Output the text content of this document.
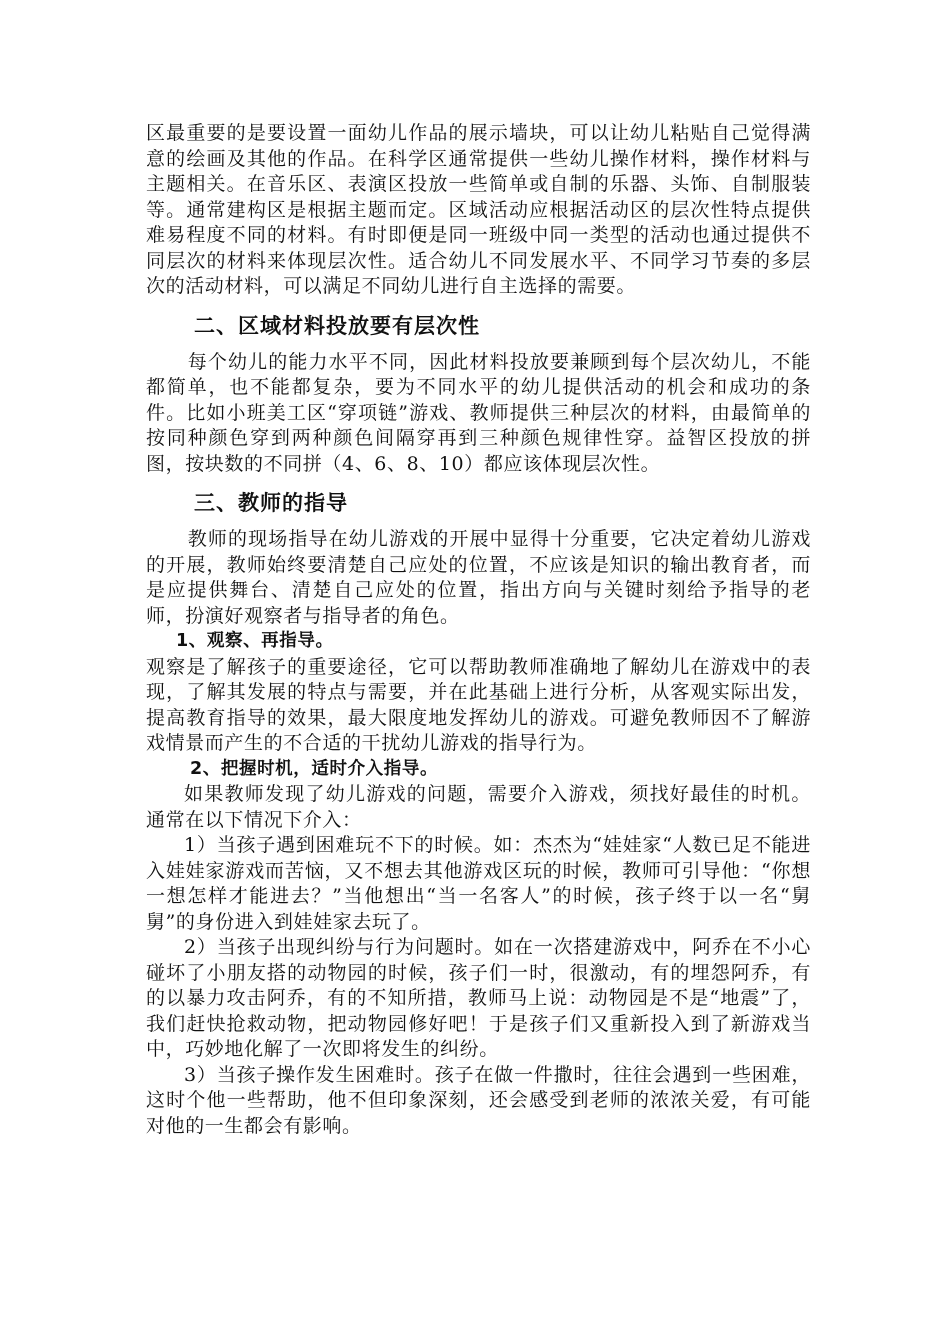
区最重要的是要设置一面幼儿作品的展示墙块，可以让幼儿粘贴自己觉得满意的绘画及其他的作品。在科学区通常提供一些幼儿操作材料，操作材料与主题相关。在音乐区、表演区投放一些简单或自制的乐器、头饰、自制服装等。通常建构区是根据主题而定。区域活动应根据活动区的层次性特点提供难易程度不同的材料。有时即便是同一班级中同一类型的活动也通过提供不同层次的材料来体现层次性。适合幼儿不同发展水平、不同学习节奏的多层次的活动材料，可以满足不同幼儿进行自主选择的需要。

二、区域材料投放要有层次性

每个幼儿的能力水平不同，因此材料投放要兼顾到每个层次幼儿，不能都简单，也不能都复杂，要为不同水平的幼儿提供活动的机会和成功的条件。比如小班美工区“穿项链”游戏、教师提供三种层次的材料，由最简单的按同种颜色穿到两种颜色间隔穿再到三种颜色规律性穿。益智区投放的拼图，按块数的不同拼（4、6、8、10）都应该体现层次性。

三、教师的指导

教师的现场指导在幼儿游戏的开展中显得十分重要，它决定着幼儿游戏的开展，教师始终要清楚自己应处的位置，不应该是知识的输出教育者，而是应提供舞台、清楚自己应处的位置，指出方向与关键时刻给予指导的老师，扮演好观察者与指导者的角色。

1、观察、再指导。

观察是了解孩子的重要途径，它可以帮助教师准确地了解幼儿在游戏中的表现，了解其发展的特点与需要，并在此基础上进行分析，从客观实际出发，提高教育指导的效果，最大限度地发挥幼儿的游戏。可避免教师因不了解游戏情景而产生的不合适的干扰幼儿游戏的指导行为。

2、把握时机，适时介入指导。

如果教师发现了幼儿游戏的问题，需要介入游戏，须找好最佳的时机。通常在以下情况下介入：

1）当孩子遇到困难玩不下的时候。如：杰杰为“娃娃家“人数已足不能进入娃娃家游戏而苦恼，又不想去其他游戏区玩的时候，教师可引导他：“你想一想怎样才能进去？”当他想出“当一名客人”的时候，孩子终于以一名“舅舅”的身份进入到娃娃家去玩了。

2）当孩子出现纠纷与行为问题时。如在一次搭建游戏中，阿乔在不小心碰坏了小朋友搭的动物园的时候，孩子们一时，很激动，有的埋怨阿乔，有的以暴力攻击阿乔，有的不知所措，教师马上说：动物园是不是“地震”了，我们赶快抢救动物，把动物园修好吧！于是孩子们又重新投入到了新游戏当中，巧妙地化解了一次即将发生的纠纷。

3）当孩子操作发生困难时。孩子在做一件撒时，往往会遇到一些困难，这时个他一些帮助，他不但印象深刻，还会感受到老师的浓浓关爱，有可能对他的一生都会有影响。
